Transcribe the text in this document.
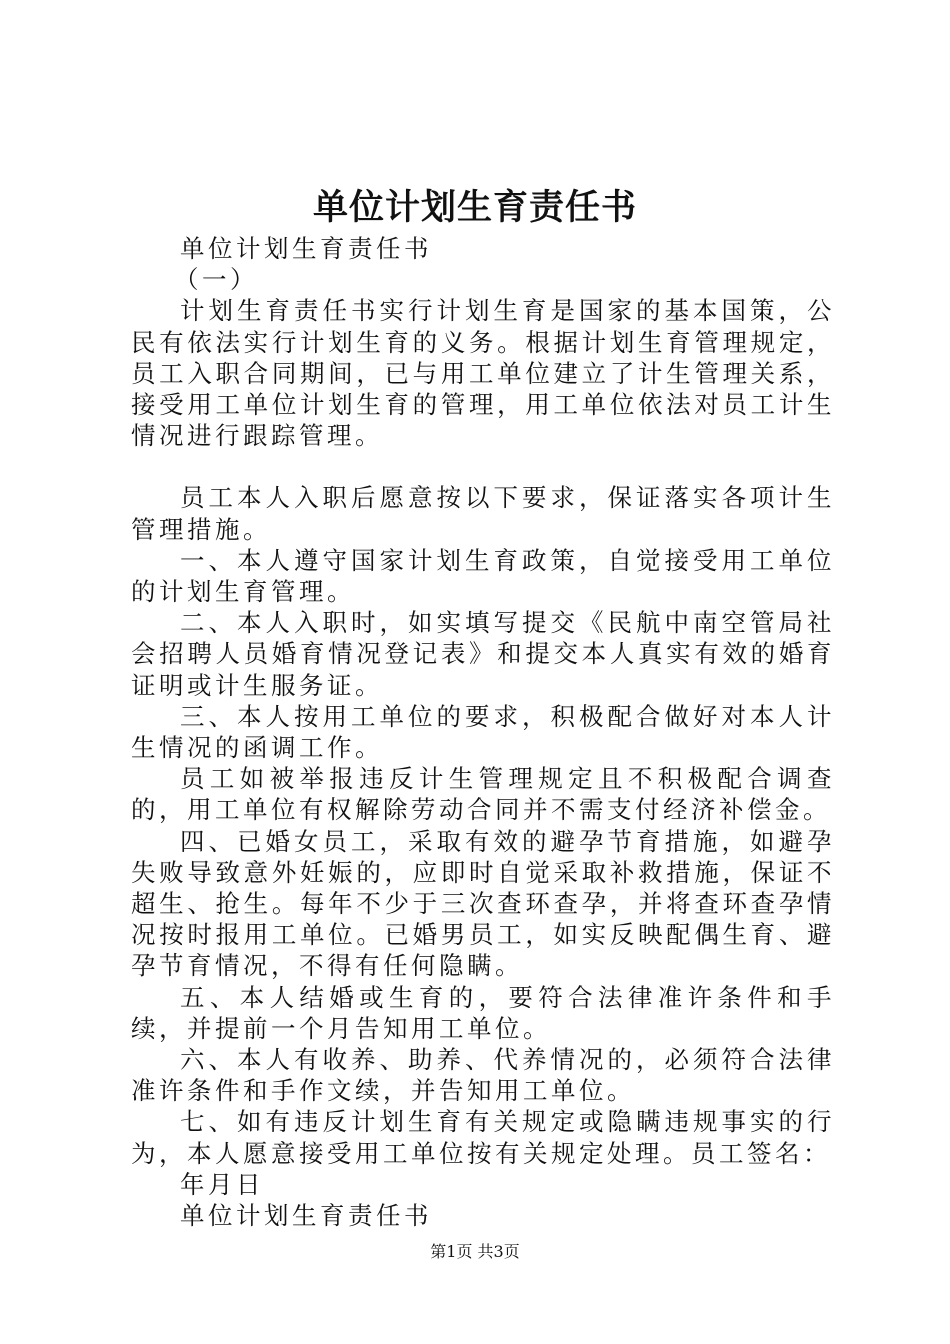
单位计划生育责任书

单位计划生育责任书

（一）

计划生育责任书实行计划生育是国家的基本国策，公民有依法实行计划生育的义务。根据计划生育管理规定，员工入职合同期间，已与用工单位建立了计生管理关系，接受用工单位计划生育的管理，用工单位依法对员工计生情况进行跟踪管理。

员工本人入职后愿意按以下要求，保证落实各项计生管理措施。

一、本人遵守国家计划生育政策，自觉接受用工单位的计划生育管理。

二、本人入职时，如实填写提交《民航中南空管局社会招聘人员婚育情况登记表》和提交本人真实有效的婚育证明或计生服务证。

三、本人按用工单位的要求，积极配合做好对本人计生情况的函调工作。

员工如被举报违反计生管理规定且不积极配合调查的，用工单位有权解除劳动合同并不需支付经济补偿金。

四、已婚女员工，采取有效的避孕节育措施，如避孕失败导致意外妊娠的，应即时自觉采取补救措施，保证不超生、抢生。每年不少于三次查环查孕，并将查环查孕情况按时报用工单位。已婚男员工，如实反映配偶生育、避孕节育情况，不得有任何隐瞒。

五、本人结婚或生育的，要符合法律准许条件和手续，并提前一个月告知用工单位。

六、本人有收养、助养、代养情况的，必须符合法律准许条件和手作文续，并告知用工单位。

七、如有违反计划生育有关规定或隐瞒违规事实的行为，本人愿意接受用工单位按有关规定处理。员工签名：

年月日

单位计划生育责任书

第1页 共3页
